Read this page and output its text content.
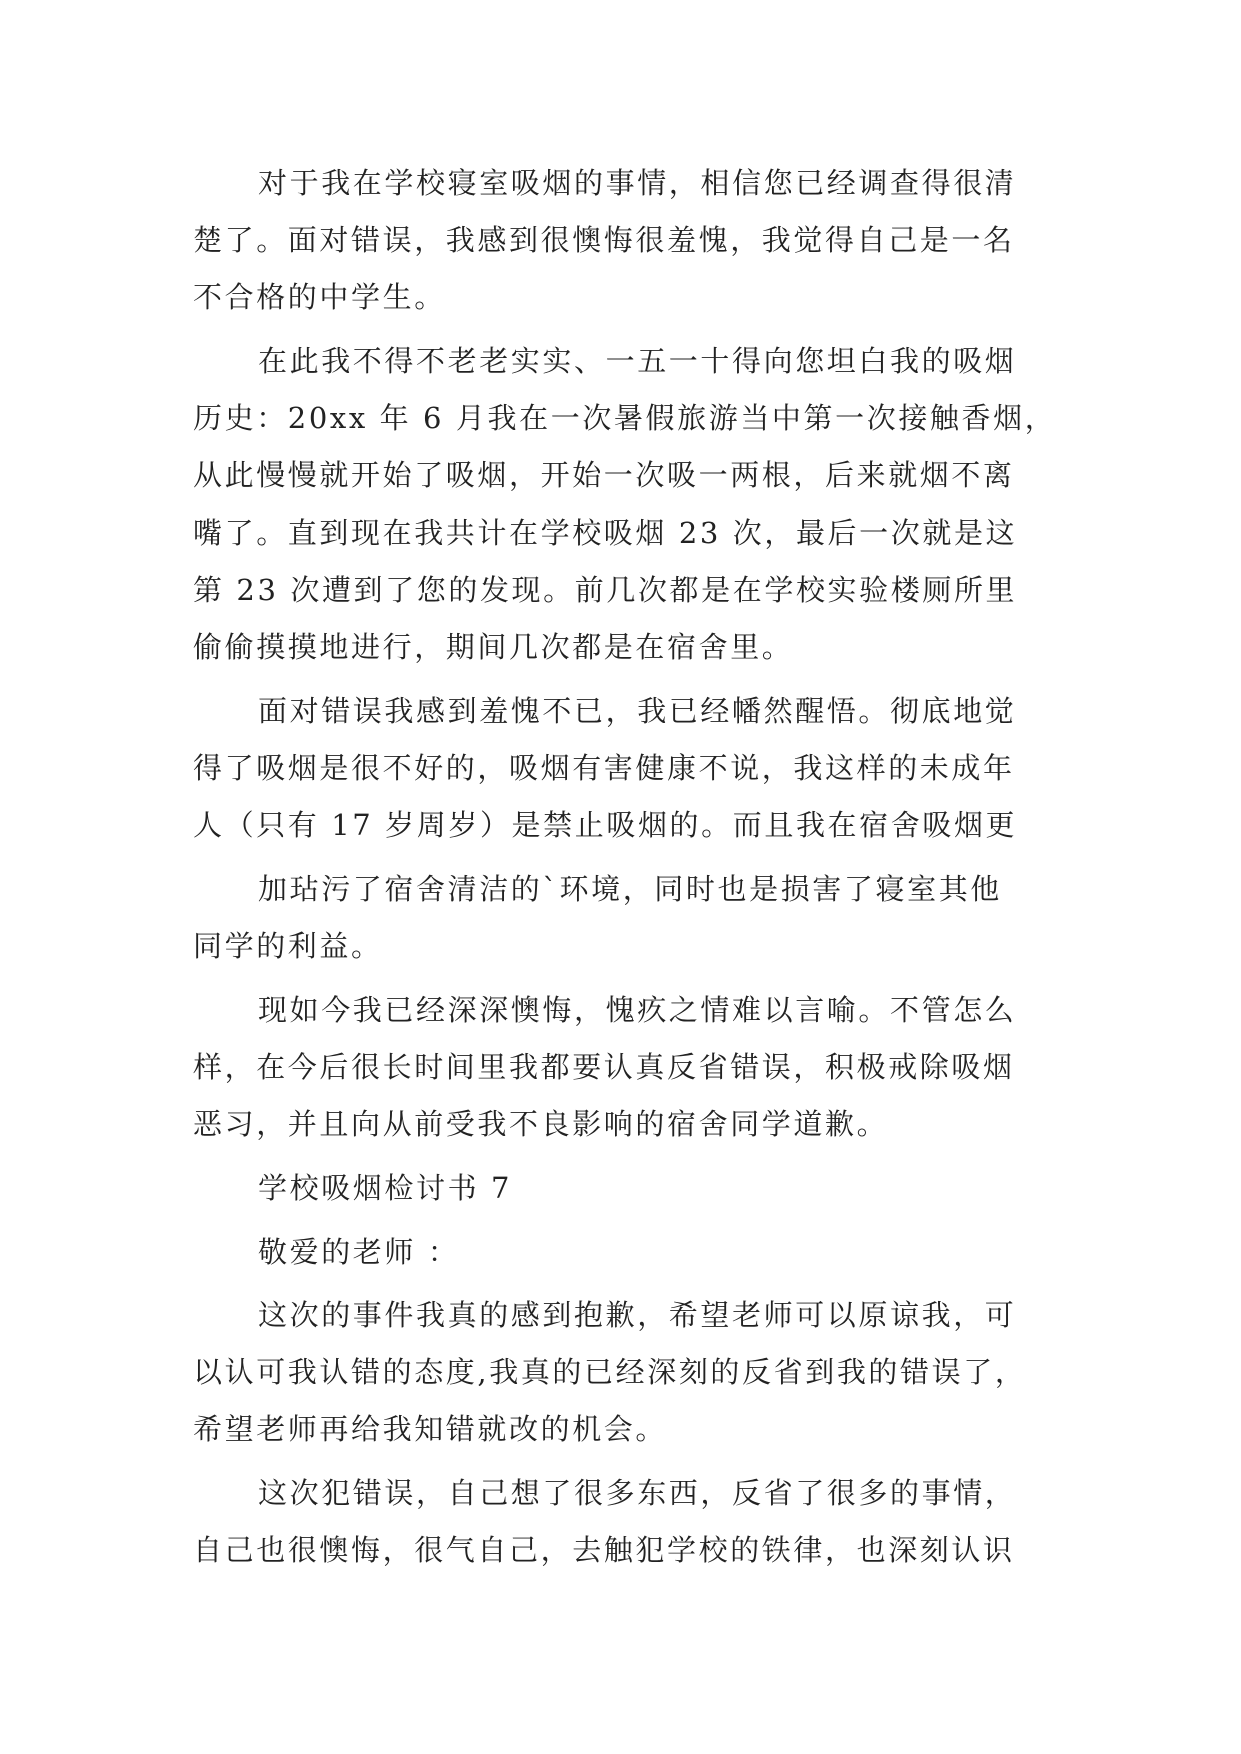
对于我在学校寝室吸烟的事情，相信您已经调查得很清
楚了。面对错误，我感到很懊悔很羞愧，我觉得自己是一名
不合格的中学生。
在此我不得不老老实实、一五一十得向您坦白我的吸烟
历史：20xx 年 6 月我在一次暑假旅游当中第一次接触香烟，
从此慢慢就开始了吸烟，开始一次吸一两根，后来就烟不离
嘴了。直到现在我共计在学校吸烟 23 次，最后一次就是这
第 23 次遭到了您的发现。前几次都是在学校实验楼厕所里
偷偷摸摸地进行，期间几次都是在宿舍里。
面对错误我感到羞愧不已，我已经幡然醒悟。彻底地觉
得了吸烟是很不好的，吸烟有害健康不说，我这样的未成年
人（只有 17 岁周岁）是禁止吸烟的。而且我在宿舍吸烟更
加玷污了宿舍清洁的`环境，同时也是损害了寝室其他
同学的利益。
现如今我已经深深懊悔，愧疚之情难以言喻。不管怎么
样，在今后很长时间里我都要认真反省错误，积极戒除吸烟
恶习，并且向从前受我不良影响的宿舍同学道歉。
学校吸烟检讨书 7
敬爱的老师 ：
这次的事件我真的感到抱歉，希望老师可以原谅我，可
以认可我认错的态度,我真的已经深刻的反省到我的错误了，
希望老师再给我知错就改的机会。
这次犯错误，自己想了很多东西，反省了很多的事情，
自己也很懊悔，很气自己，去触犯学校的铁律，也深刻认识
